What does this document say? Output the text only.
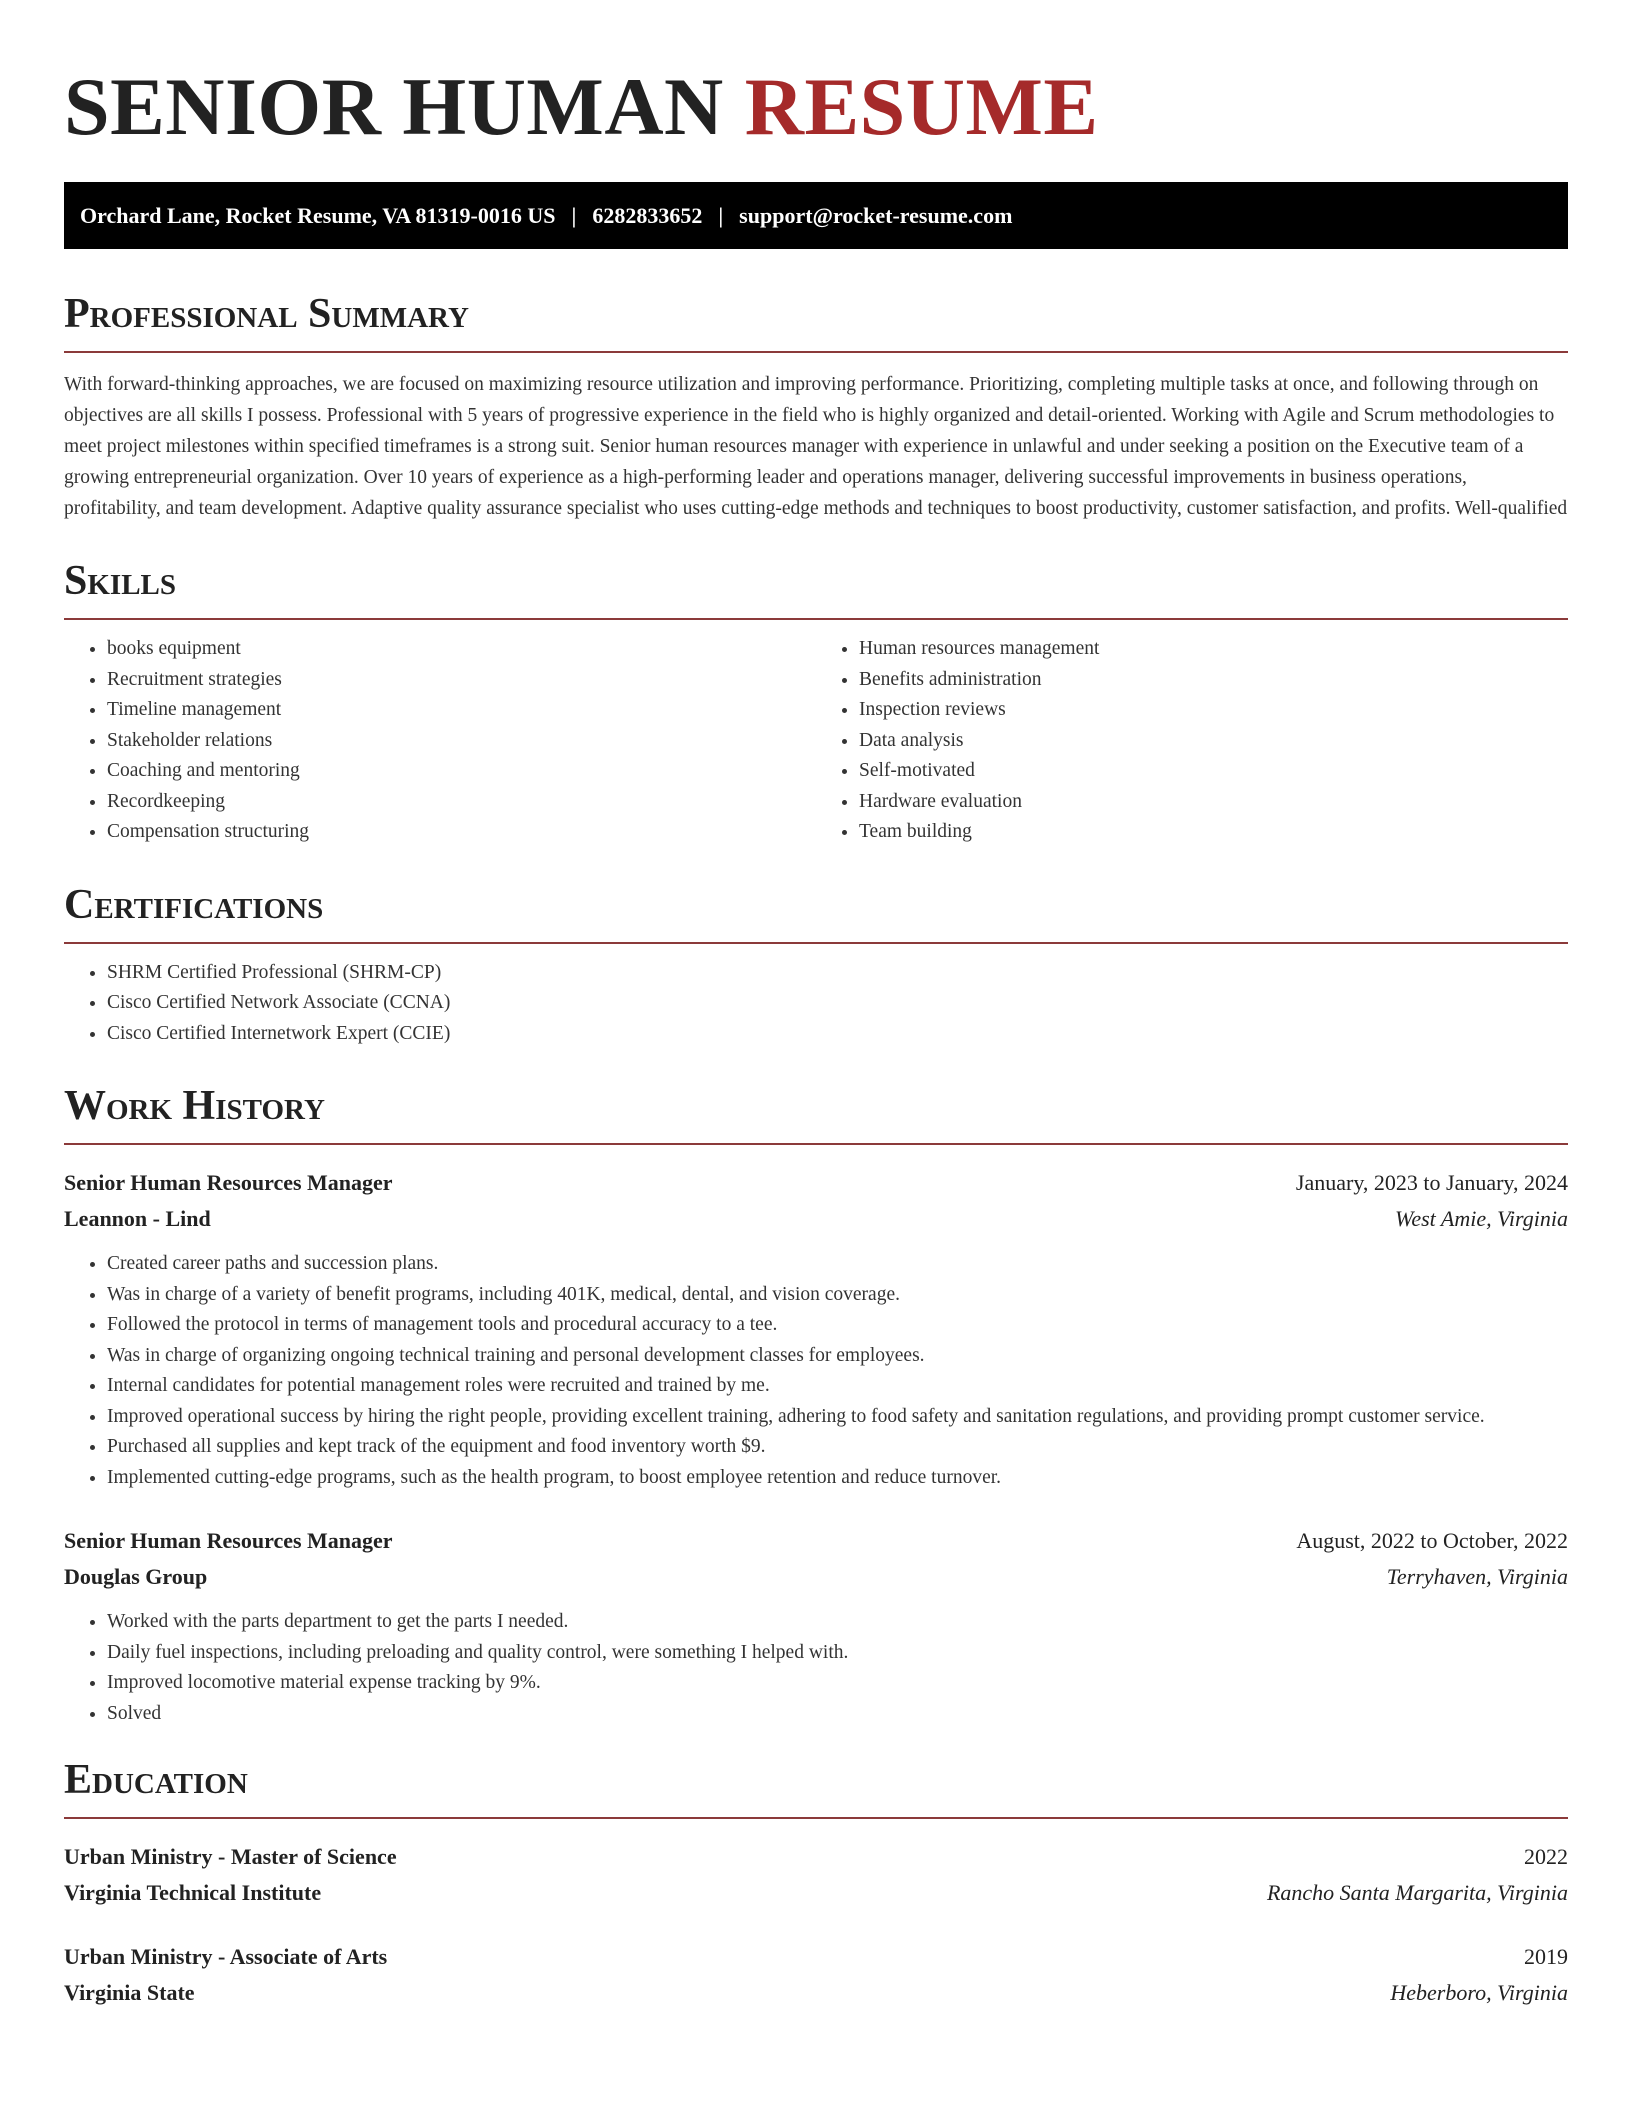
SENIOR HUMAN RESUME
Orchard Lane, Rocket Resume, VA 81319-0016 US | 6282833652 | support@rocket-resume.com
Professional Summary

With forward-thinking approaches, we are focused on maximizing resource utilization and improving performance. Prioritizing, completing multiple tasks at once, and following through on objectives are all skills I possess. Professional with 5 years of progressive experience in the field who is highly organized and detail-oriented. Working with Agile and Scrum methodologies to meet project milestones within specified timeframes is a strong suit. Senior human resources manager with experience in unlawful and under seeking a position on the Executive team of a growing entrepreneurial organization. Over 10 years of experience as a high-performing leader and operations manager, delivering successful improvements in business operations, profitability, and team development. Adaptive quality assurance specialist who uses cutting-edge methods and techniques to boost productivity, customer satisfaction, and profits. Well-qualified

Skills
• books equipment
• Recruitment strategies
• Timeline management
• Stakeholder relations
• Coaching and mentoring
• Recordkeeping
• Compensation structuring
• Human resources management
• Benefits administration
• Inspection reviews
• Data analysis
• Self-motivated
• Hardware evaluation
• Team building
Certifications
• SHRM Certified Professional (SHRM-CP)
• Cisco Certified Network Associate (CCNA)
• Cisco Certified Internetwork Expert (CCIE)
Work History
Senior Human Resources Manager	January, 2023 to January, 2024
Leannon - Lind	West Amie, Virginia
• Created career paths and succession plans.
• Was in charge of a variety of benefit programs, including 401K, medical, dental, and vision coverage.
• Followed the protocol in terms of management tools and procedural accuracy to a tee.
• Was in charge of organizing ongoing technical training and personal development classes for employees.
• Internal candidates for potential management roles were recruited and trained by me.
• Improved operational success by hiring the right people, providing excellent training, adhering to food safety and sanitation regulations, and providing prompt customer service.
• Purchased all supplies and kept track of the equipment and food inventory worth $9.
• Implemented cutting-edge programs, such as the health program, to boost employee retention and reduce turnover.
Senior Human Resources Manager	August, 2022 to October, 2022
Douglas Group	Terryhaven, Virginia
• Worked with the parts department to get the parts I needed.
• Daily fuel inspections, including preloading and quality control, were something I helped with.
• Improved locomotive material expense tracking by 9%.
• Solved
Education
Urban Ministry - Master of Science	2022
Virginia Technical Institute	Rancho Santa Margarita, Virginia
Urban Ministry - Associate of Arts	2019
Virginia State	Heberboro, Virginia
